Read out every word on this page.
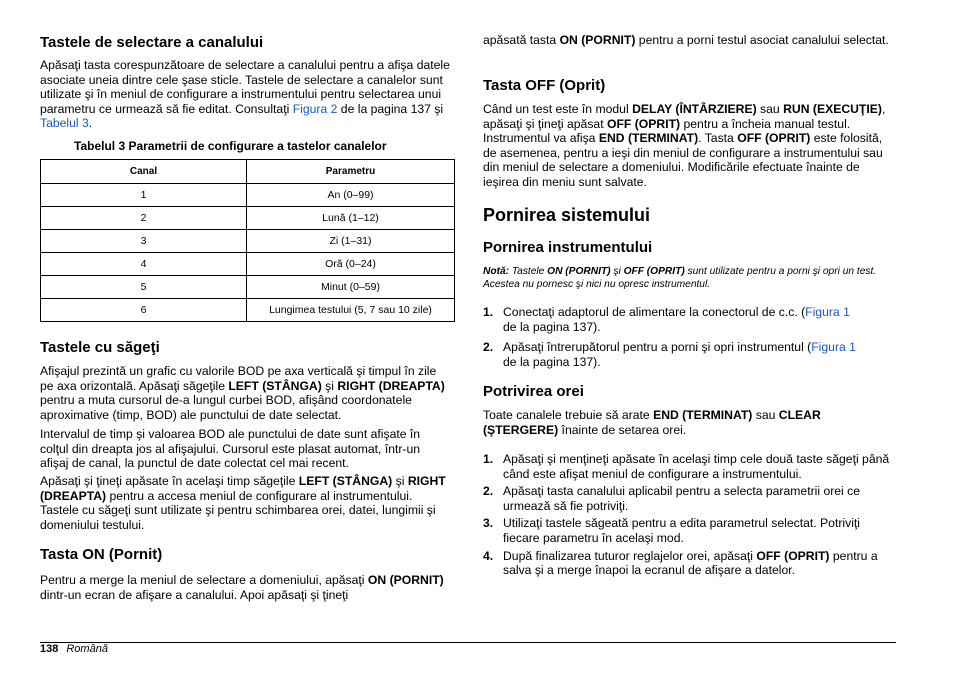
Tastele de selectare a canalului

Apăsaţi tasta corespunzătoare de selectare a canalului pentru a afişa datele asociate uneia dintre cele şase sticle. Tastele de selectare a canalelor sunt utilizate şi în meniul de configurare a instrumentului pentru selectarea unui parametru ce urmează să fie editat. Consultaţi Figura 2 de la pagina 137 şi Tabelul 3.

Tabelul 3 Parametrii de configurare a tastelor canalelor
Canal	Parametru
1	An (0–99)
2	Lună (1–12)
3	Zi (1–31)
4	Oră (0–24)
5	Minut (0–59)
6	Lungimea testului (5, 7 sau 10 zile)
Tastele cu săgeţi

Afişajul prezintă un grafic cu valorile BOD pe axa verticală şi timpul în zile pe axa orizontală. Apăsaţi săgeţile LEFT (STÂNGA) şi RIGHT (DREAPTA) pentru a muta cursorul de-a lungul curbei BOD, afişând coordonatele aproximative (timp, BOD) ale punctului de date selectat.

Intervalul de timp şi valoarea BOD ale punctului de date sunt afişate în colţul din dreapta jos al afişajului. Cursorul este plasat automat, într-un afişaj de canal, la punctul de date colectat cel mai recent.

Apăsaţi şi ţineţi apăsate în acelaşi timp săgeţile LEFT (STÂNGA) şi RIGHT (DREAPTA) pentru a accesa meniul de configurare al instrumentului. Tastele cu săgeţi sunt utilizate şi pentru schimbarea orei, datei, lungimii şi domeniului testului.

Tasta ON (Pornit)

Pentru a merge la meniul de selectare a domeniului, apăsaţi ON (PORNIT) dintr-un ecran de afişare a canalului. Apoi apăsaţi şi ţineţi

apăsată tasta ON (PORNIT) pentru a porni testul asociat canalului selectat.

Tasta OFF (Oprit)

Când un test este în modul DELAY (ÎNTÂRZIERE) sau RUN (EXECUŢIE), apăsaţi şi ţineţi apăsat OFF (OPRIT) pentru a încheia manual testul. Instrumentul va afişa END (TERMINAT). Tasta OFF (OPRIT) este folosită, de asemenea, pentru a ieşi din meniul de configurare a instrumentului sau din meniul de selectare a domeniului. Modificările efectuate înainte de ieşirea din meniu sunt salvate.

Pornirea sistemului
Pornirea instrumentului
Notă: Tastele ON (PORNIT) şi OFF (OPRIT) sunt utilizate pentru a porni şi opri un test. Acestea nu pornesc şi nici nu opresc instrumentul.
1. Conectaţi adaptorul de alimentare la conectorul de c.c. (Figura 1
de la pagina 137).
2. Apăsaţi întrerupătorul pentru a porni şi opri instrumentul (Figura 1
de la pagina 137).
Potrivirea orei

Toate canalele trebuie să arate END (TERMINAT) sau CLEAR (ŞTERGERE) înainte de setarea orei.

1. Apăsaţi şi menţineţi apăsate în acelaşi timp cele două taste săgeţi până când este afişat meniul de configurare a instrumentului.
2. Apăsaţi tasta canalului aplicabil pentru a selecta parametrii orei ce urmează să fie potriviţi.
3. Utilizaţi tastele săgeată pentru a edita parametrul selectat. Potriviţi fiecare parametru în acelaşi mod.
4. După finalizarea tuturor reglajelor orei, apăsaţi OFF (OPRIT) pentru a salva şi a merge înapoi la ecranul de afişare a datelor.
138 Română
